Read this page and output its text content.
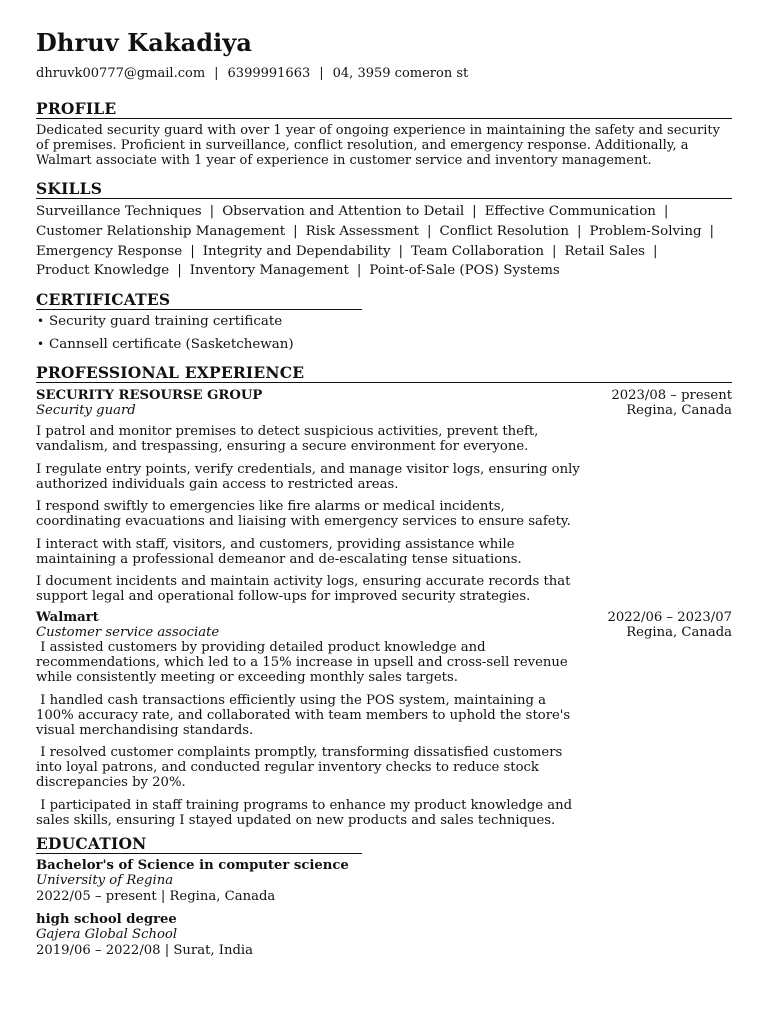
Dhruv Kakadiya
dhruvk00777@gmail.com | 6399991663 | 04, 3959 comeron st
PROFILE
Dedicated security guard with over 1 year of ongoing experience in maintaining the safety and security of premises. Proficient in surveillance, conflict resolution, and emergency response. Additionally, a Walmart associate with 1 year of experience in customer service and inventory management.
SKILLS
Surveillance Techniques | Observation and Attention to Detail | Effective Communication |
Customer Relationship Management | Risk Assessment | Conflict Resolution | Problem-Solving |
Emergency Response | Integrity and Dependability | Team Collaboration | Retail Sales |
Product Knowledge | Inventory Management | Point-of-Sale (POS) Systems
CERTIFICATES
• Security guard training certificate
• Cannsell certificate (Sasketchewan)
PROFESSIONAL EXPERIENCE
SECURITY RESOURSE GROUP
Security guard
2023/08 – present
Regina, Canada
I patrol and monitor premises to detect suspicious activities, prevent theft, vandalism, and trespassing, ensuring a secure environment for everyone.
I regulate entry points, verify credentials, and manage visitor logs, ensuring only authorized individuals gain access to restricted areas.
I respond swiftly to emergencies like fire alarms or medical incidents, coordinating evacuations and liaising with emergency services to ensure safety.
I interact with staff, visitors, and customers, providing assistance while maintaining a professional demeanor and de-escalating tense situations.
I document incidents and maintain activity logs, ensuring accurate records that support legal and operational follow-ups for improved security strategies.
Walmart
Customer service associate
2022/06 – 2023/07
Regina, Canada
I assisted customers by providing detailed product knowledge and recommendations, which led to a 15% increase in upsell and cross-sell revenue while consistently meeting or exceeding monthly sales targets.
I handled cash transactions efficiently using the POS system, maintaining a 100% accuracy rate, and collaborated with team members to uphold the store's visual merchandising standards.
I resolved customer complaints promptly, transforming dissatisfied customers into loyal patrons, and conducted regular inventory checks to reduce stock discrepancies by 20%.
I participated in staff training programs to enhance my product knowledge and sales skills, ensuring I stayed updated on new products and sales techniques.
EDUCATION
Bachelor's of Science in computer science
University of Regina
2022/05 – present | Regina, Canada
high school degree
Gajera Global School
2019/06 – 2022/08 | Surat, India
